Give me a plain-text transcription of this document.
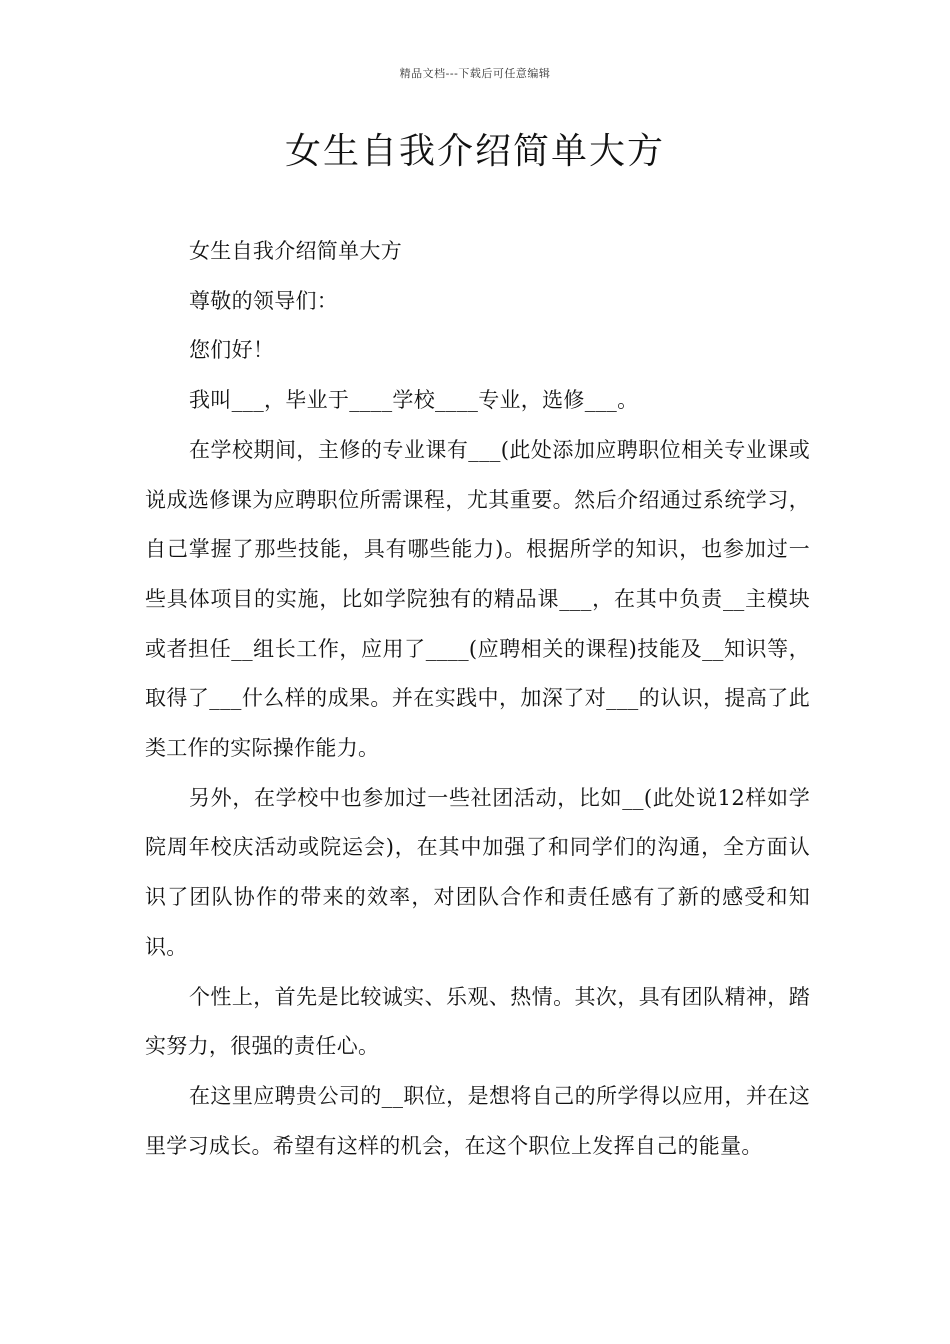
精品文档---下载后可任意编辑
女生自我介绍简单大方

女生自我介绍简单大方

尊敬的领导们：

您们好！

我叫___，毕业于____学校____专业，选修___。

在学校期间，主修的专业课有___(此处添加应聘职位相关专业课或说成选修课为应聘职位所需课程，尤其重要。然后介绍通过系统学习，自己掌握了那些技能，具有哪些能力)。根据所学的知识，也参加过一些具体项目的实施，比如学院独有的精品课___，在其中负责__主模块或者担任__组长工作，应用了____(应聘相关的课程)技能及__知识等，取得了___什么样的成果。并在实践中，加深了对___的认识，提高了此类工作的实际操作能力。

另外，在学校中也参加过一些社团活动，比如__(此处说12样如学院周年校庆活动或院运会)，在其中加强了和同学们的沟通，全方面认识了团队协作的带来的效率，对团队合作和责任感有了新的感受和知识。

个性上，首先是比较诚实、乐观、热情。其次，具有团队精神，踏实努力，很强的责任心。

在这里应聘贵公司的__职位，是想将自己的所学得以应用，并在这里学习成长。希望有这样的机会，在这个职位上发挥自己的能量。
